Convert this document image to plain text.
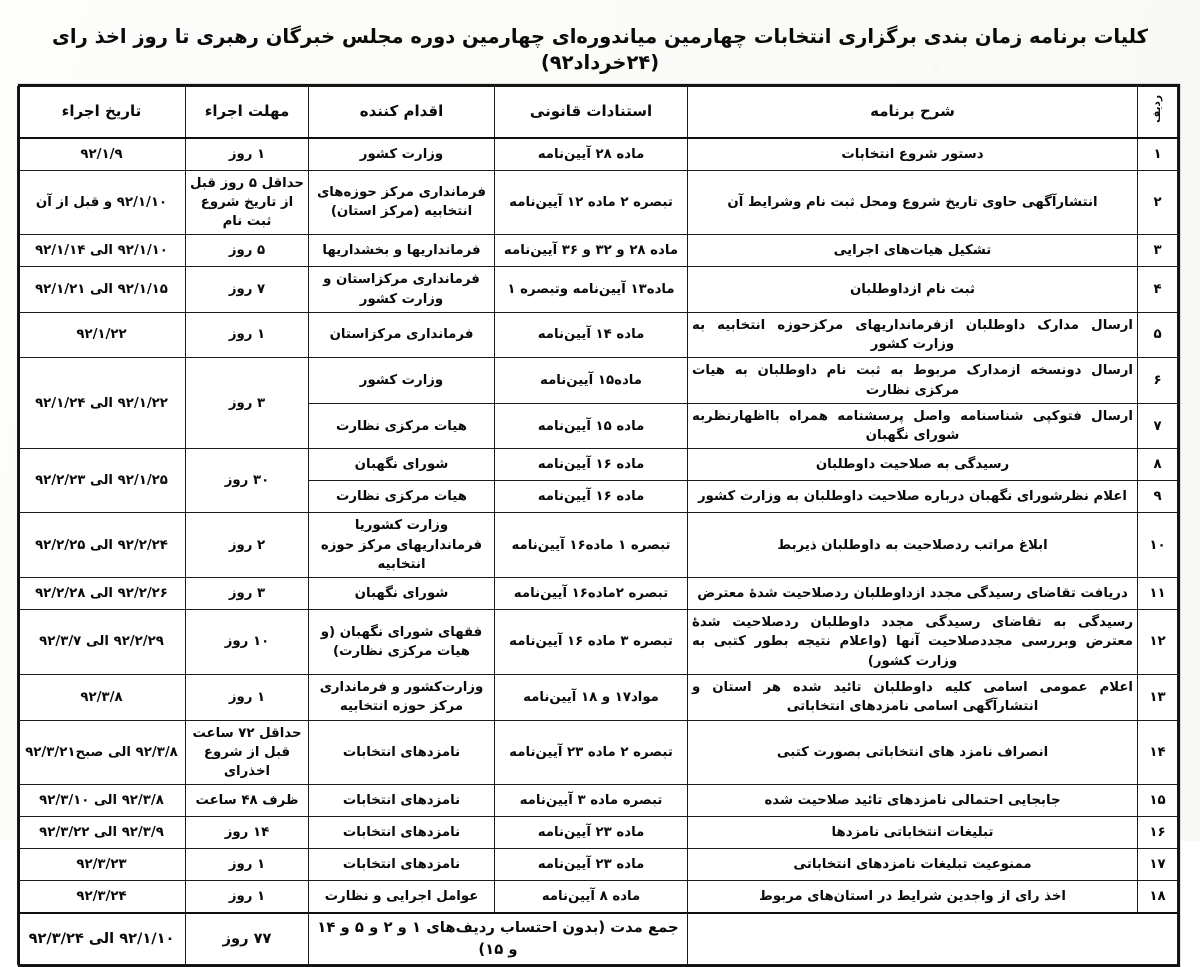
کلیات برنامه زمان بندی برگزاری انتخابات چهارمین میاندوره‌ای چهارمین دوره مجلس خبرگان رهبری تا روز اخذ رای (۲۴خرداد۹۲)
ردیف	شرح برنامه	استنادات قانونی	اقدام کننده	مهلت اجراء	تاریخ اجراء
۱	دستور شروع انتخابات	ماده ۲۸ آیین‌نامه	وزارت کشور	۱ روز	۹۲/۱/۹
۲	انتشارآگهی حاوی تاریخ شروع ومحل ثبت نام وشرایط آن	تبصره ۲ ماده ۱۲ آیین‌نامه	فرمانداری مرکز حوزه‌های انتخابیه (مرکز استان)	حداقل ۵ روز قبل از تاریخ شروع ثبت نام	۹۲/۱/۱۰ و قبل از آن
۳	تشکیل هیات‌های اجرایی	ماده ۲۸ و ۳۲ و ۳۶ آیین‌نامه	فرمانداریها و بخشداریها	۵ روز	۹۲/۱/۱۰ الی ۹۲/۱/۱۴
۴	ثبت نام ازداوطلبان	ماده۱۳ آیین‌نامه وتبصره ۱	فرمانداری مرکزاستان و وزارت کشور	۷ روز	۹۲/۱/۱۵ الی ۹۲/۱/۲۱
۵	ارسال مدارک داوطلبان ازفرمانداریهای مرکزحوزه انتخابیه به وزارت کشور	ماده ۱۴ آیین‌نامه	فرمانداری مرکزاستان	۱ روز	۹۲/۱/۲۲
۶	ارسال دونسخه ازمدارک مربوط به ثبت نام داوطلبان به هیات مرکزی نظارت	ماده۱۵ آیین‌نامه	وزارت کشور	۳ روز	۹۲/۱/۲۲ الی ۹۲/۱/۲۴
۷	ارسال فتوکپی شناسنامه واصل پرسشنامه همراه بااظهارنظربه شورای نگهبان	ماده ۱۵ آیین‌نامه	هیات مرکزی نظارت		
۸	رسیدگی به صلاحیت داوطلبان	ماده ۱۶ آیین‌نامه	شورای نگهبان	۳۰ روز	۹۲/۱/۲۵ الی ۹۲/۲/۲۳
۹	اعلام نظرشورای نگهبان درباره صلاحیت داوطلبان به وزارت کشور	ماده ۱۶ آیین‌نامه	هیات مرکزی نظارت		
۱۰	ابلاغ مراتب ردصلاحیت به داوطلبان ذیربط	تبصره ۱ ماده۱۶ آیین‌نامه	وزارت کشوریا فرمانداریهای مرکز حوزه انتخابیه	۲ روز	۹۲/۲/۲۴ الی ۹۲/۲/۲۵
۱۱	دریافت تقاضای رسیدگی مجدد ازداوطلبان ردصلاحیت شدهٔ معترض	تبصره ۲ماده۱۶ آیین‌نامه	شورای نگهبان	۳ روز	۹۲/۲/۲۶ الی ۹۲/۲/۲۸
۱۲	رسیدگی به تقاضای رسیدگی مجدد داوطلبان ردصلاحیت شدهٔ معترض وبررسی مجددصلاحیت آنها (واعلام نتیجه بطور کتبی به وزارت کشور)	تبصره ۳ ماده ۱۶ آیین‌نامه	فقهای شورای نگهبان (و هیات مرکزی نظارت)	۱۰ روز	۹۲/۲/۲۹ الی ۹۲/۳/۷
۱۳	اعلام عمومی اسامی کلیه داوطلبان تائید شده هر استان و انتشارآگهی اسامی نامزدهای انتخاباتی	مواد۱۷ و ۱۸ آیین‌نامه	وزارت‌کشور و فرمانداری مرکز حوزه انتخابیه	۱ روز	۹۲/۳/۸
۱۴	انصراف نامزد های انتخاباتی بصورت کتبی	تبصره ۲ ماده ۲۳ آیین‌نامه	نامزدهای انتخابات	حداقل ۷۲ ساعت قبل از شروع اخذرای	۹۲/۳/۸ الی صبح۹۲/۳/۲۱
۱۵	جابجایی احتمالی نامزدهای تائید صلاحیت شده	تبصره ماده ۳ آیین‌نامه	نامزدهای انتخابات	ظرف ۴۸ ساعت	۹۲/۳/۸ الی ۹۲/۳/۱۰
۱۶	تبلیغات انتخاباتی نامزدها	ماده ۲۳ آیین‌نامه	نامزدهای انتخابات	۱۴ روز	۹۲/۳/۹ الی ۹۲/۳/۲۲
۱۷	ممنوعیت تبلیغات نامزدهای انتخاباتی	ماده ۲۳ آیین‌نامه	نامزدهای انتخابات	۱ روز	۹۲/۳/۲۳
۱۸	اخذ رای از واجدین شرایط در استان‌های مربوط	ماده ۸ آیین‌نامه	عوامل اجرایی و نظارت	۱ روز	۹۲/۳/۲۴
		جمع مدت (بدون احتساب ردیف‌های ۱ و ۲ و ۵ و ۱۴ و ۱۵)		۷۷ روز	۹۲/۱/۱۰ الی ۹۲/۳/۲۴
